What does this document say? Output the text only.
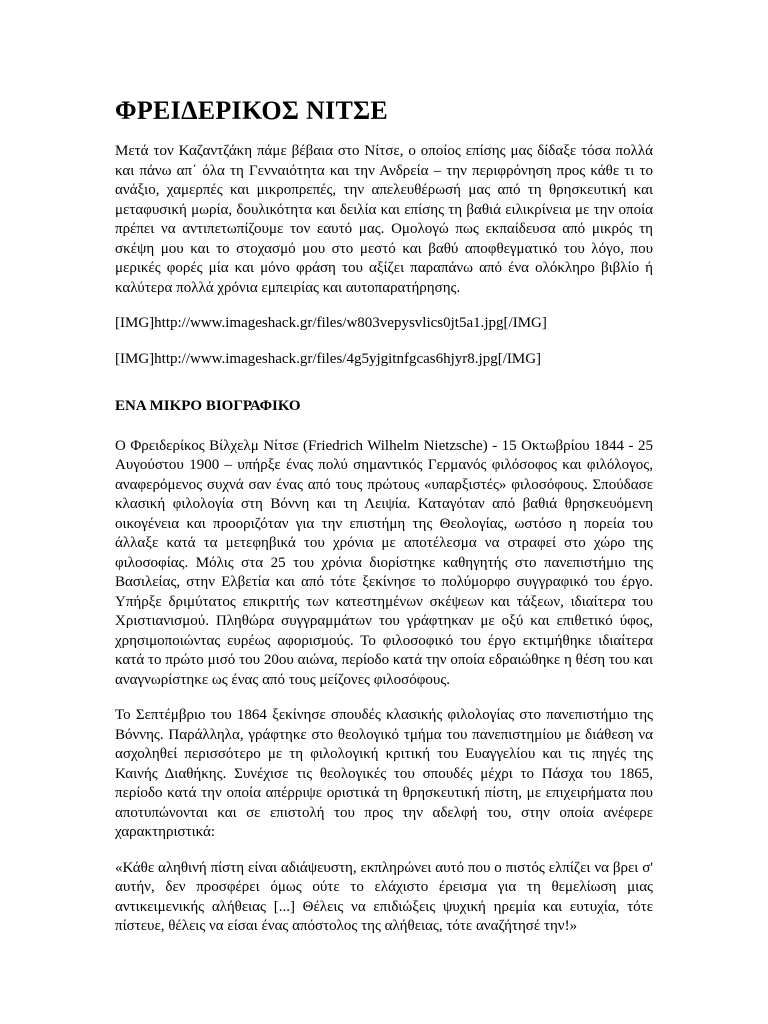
ΦΡΕΙΔΕΡΙΚΟΣ ΝΙΤΣΕ

Μετά τον Καζαντζάκη πάμε βέβαια στο Νίτσε, ο οποίος επίσης μας δίδαξε τόσα πολλά και πάνω απ΄ όλα τη Γενναιότητα και την Ανδρεία – την περιφρόνηση προς κάθε τι το ανάξιο, χαμερπές και μικροπρεπές, την απελευθέρωσή μας από τη θρησκευτική και μεταφυσική μωρία, δουλικότητα και δειλία και επίσης τη βαθιά ειλικρίνεια με την οποία πρέπει να αντιπετωπίζουμε τον εαυτό μας. Ομολογώ πως εκπαίδευσα από μικρός τη σκέψη μου και το στοχασμό μου στο μεστό και βαθύ αποφθεγματικό του λόγο, που μερικές φορές μία και μόνο φράση του αξίζει παραπάνω από ένα ολόκληρο βιβλίο ή καλύτερα πολλά χρόνια εμπειρίας και αυτοπαρατήρησης.

[IMG]http://www.imageshack.gr/files/w803vepysvlics0jt5a1.jpg[/IMG]
[IMG]http://www.imageshack.gr/files/4g5yjgitnfgcas6hjyr8.jpg[/IMG]
ΕΝΑ ΜΙΚΡΟ ΒΙΟΓΡΑΦΙΚΟ

Ο Φρειδερίκος Βίλχελμ Νίτσε (Friedrich Wilhelm Nietzsche) - 15 Οκτωβρίου 1844 - 25 Αυγούστου 1900 – υπήρξε ένας πολύ σημαντικός Γερμανός φιλόσοφος και φιλόλογος, αναφερόμενος συχνά σαν ένας από τους πρώτους «υπαρξιστές» φιλοσόφους. Σπούδασε κλασική φιλολογία στη Βόννη και τη Λειψία. Καταγόταν από βαθιά θρησκευόμενη οικογένεια και προοριζόταν για την επιστήμη της Θεολογίας, ωστόσο η πορεία του άλλαξε κατά τα μετεφηβικά του χρόνια με αποτέλεσμα να στραφεί στο χώρο της φιλοσοφίας. Μόλις στα 25 του χρόνια διορίστηκε καθηγητής στο πανεπιστήμιο της Βασιλείας, στην Ελβετία και από τότε ξεκίνησε το πολύμορφο συγγραφικό του έργο. Υπήρξε δριμύτατος επικριτής των κατεστημένων σκέψεων και τάξεων, ιδιαίτερα του Χριστιανισμού. Πληθώρα συγγραμμάτων του γράφτηκαν με οξύ και επιθετικό ύφος, χρησιμοποιώντας ευρέως αφορισμούς. Το φιλοσοφικό του έργο εκτιμήθηκε ιδιαίτερα κατά το πρώτο μισό του 20ου αιώνα, περίοδο κατά την οποία εδραιώθηκε η θέση του και αναγνωρίστηκε ως ένας από τους μείζονες φιλοσόφους.

Το Σεπτέμβριο του 1864 ξεκίνησε σπουδές κλασικής φιλολογίας στο πανεπιστήμιο της Βόννης. Παράλληλα, γράφτηκε στο θεολογικό τμήμα του πανεπιστημίου με διάθεση να ασχοληθεί περισσότερο με τη φιλολογική κριτική του Ευαγγελίου και τις πηγές της Καινής Διαθήκης. Συνέχισε τις θεολογικές του σπουδές μέχρι το Πάσχα του 1865, περίοδο κατά την οποία απέρριψε οριστικά τη θρησκευτική πίστη, με επιχειρήματα που αποτυπώνονται και σε επιστολή του προς την αδελφή του, στην οποία ανέφερε χαρακτηριστικά:

«Κάθε αληθινή πίστη είναι αδιάψευστη, εκπληρώνει αυτό που ο πιστός ελπίζει να βρει σ' αυτήν, δεν προσφέρει όμως ούτε το ελάχιστο έρεισμα για τη θεμελίωση μιας αντικειμενικής αλήθειας [...] Θέλεις να επιδιώξεις ψυχική ηρεμία και ευτυχία, τότε πίστευε, θέλεις να είσαι ένας απόστολος της αλήθειας, τότε αναζήτησέ την!»
